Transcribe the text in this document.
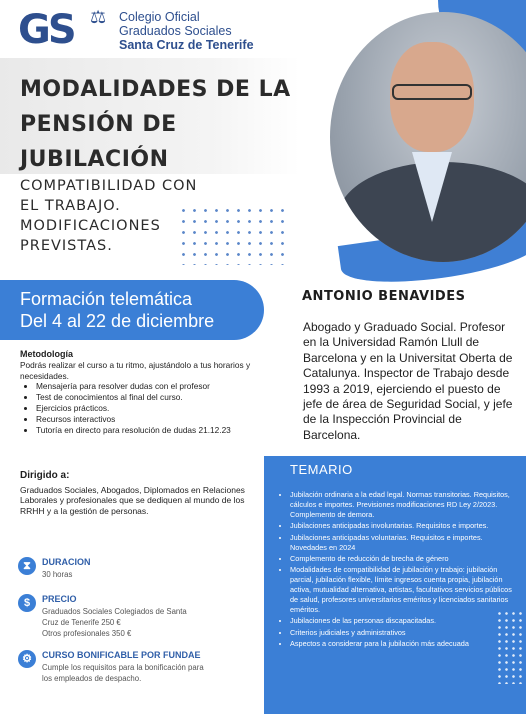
GS ⚖ Colegio Oficial
Graduados Sociales
Santa Cruz de Tenerife
MODALIDADES DE LA
PENSIÓN DE
JUBILACIÓN
COMPATIBILIDAD CON
EL TRABAJO.
MODIFICACIONES
PREVISTAS.
Formación telemática
Del 4 al 22 de diciembre
ANTONIO BENAVIDES
Abogado y Graduado Social. Profesor en la Universidad Ramón Llull de Barcelona y en la Universitat Oberta de Catalunya. Inspector de Trabajo desde 1993 a 2019, ejerciendo el puesto de jefe de área de Seguridad Social, y jefe de la Inspección Provincial de Barcelona.
Metodología
Podrás realizar el curso a tu ritmo, ajustándolo a tus horarios y necesidades.
• Mensajería para resolver dudas con el profesor
• Test de conocimientos al final del curso.
• Ejercicios prácticos.
• Recursos interactivos
• Tutoría en directo para resolución de dudas 21.12.23
Dirigido a:
Graduados Sociales, Abogados, Diplomados en Relaciones Laborales y profesionales que se dediquen al mundo de los RRHH y a la gestión de personas.
⧗	DURACION
30 horas
$	PRECIO
Graduados Sociales Colegiados de Santa
Cruz de Tenerife 250 €
Otros profesionales 350 €
⚙	CURSO BONIFICABLE POR FUNDAE
Cumple los requisitos para la bonificación para
los empleados de despacho.
TEMARIO
• Jubilación ordinaria a la edad legal. Normas transitorias. Requisitos, cálculos e importes. Previsiones modificaciones RD Ley 2/2023. Complemento de demora.
• Jubilaciones anticipadas involuntarias. Requisitos e importes.
• Jubilaciones anticipadas voluntarias. Requisitos e importes. Novedades en 2024
• Complemento de reducción de brecha de género
• Modalidades de compatibilidad de jubilación y trabajo: jubilación parcial, jubilación flexible, límite ingresos cuenta propia, jubilación activa, mutualidad alternativa, artistas, facultativos servicios públicos de salud, profesores universitarios eméritos y licenciados sanitarios eméritos.
• Jubilaciones de las personas discapacitadas.
• Criterios judiciales y administrativos
• Aspectos a considerar para la jubilación más adecuada
